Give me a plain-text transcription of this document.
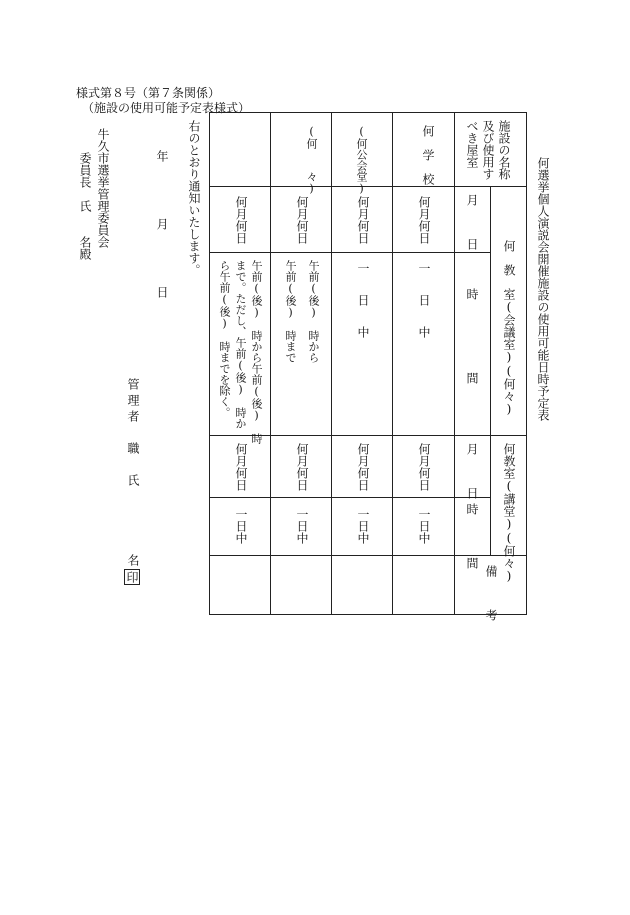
様式第８号（第７条関係）
（施設の使用可能予定表様式）
何選挙個人演説会開催施設の使用可能日時予定表
施設の名称
及び使用す
べき屋室
月　日
時　　間
月　日
時　　間
何　教　室(会議室)(何々)
何教室(講堂)(何々)
備　考
何　学　校
(何公会堂)
(何　　々)
何月何日
一　日　中
何月何日
一日中
何月何日
一　日　中
何月何日
一日中
何月何日
午前(後)　時から
午前(後)　時まで
何月何日
一日中
何月何日
午前(後)　時から午前(後)　時
まで。ただし、午前(後)　時か
ら午前(後)　時までを除く。
何月何日
一日中
右のとおり通知いたします。
年　月　日
牛久市選挙管理委員会
委員長　氏　　名殿
管理者　職　氏
名
印
